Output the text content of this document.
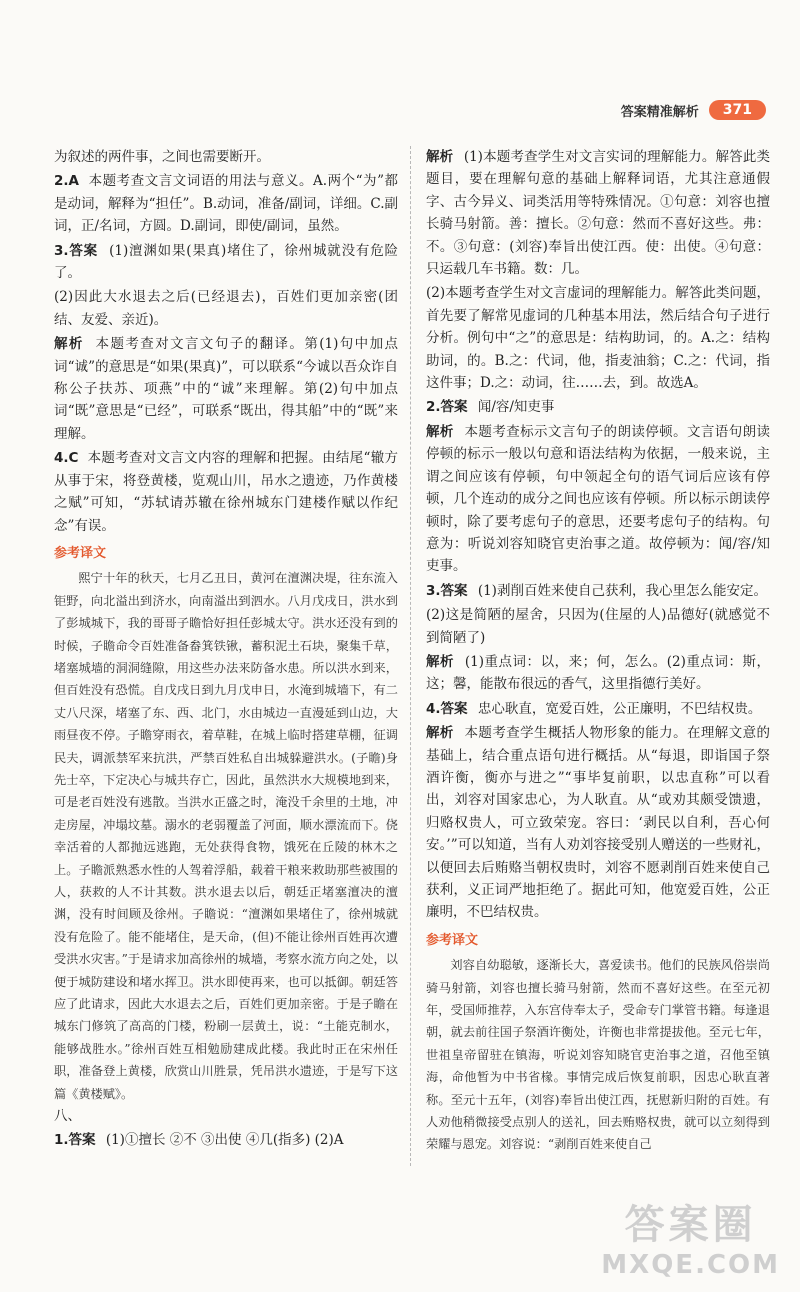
答案精准解析	371

为叙述的两件事，之间也需要断开。

2.A 本题考查文言文词语的用法与意义。A.两个“为”都是动词，解释为“担任”。B.动词，准备/副词，详细。C.副词，正/名词，方圆。D.副词，即使/副词，虽然。

3.答案 (1)澶渊如果(果真)堵住了，徐州城就没有危险了。

(2)因此大水退去之后(已经退去)，百姓们更加亲密(团结、友爱、亲近)。

解析 本题考查对文言文句子的翻译。第(1)句中加点词“诚”的意思是“如果(果真)”，可以联系“今诚以吾众诈自称公子扶苏、项燕”中的“诚”来理解。第(2)句中加点词“既”意思是“已经”，可联系“既出，得其船”中的“既”来理解。

4.C 本题考查对文言文内容的理解和把握。由结尾“辙方从事于宋，将登黄楼，览观山川，吊水之遗迹，乃作黄楼之赋”可知，“苏轼请苏辙在徐州城东门建楼作赋以作纪念”有误。

参考译文

熙宁十年的秋天，七月乙丑日，黄河在澶渊决堤，往东流入钜野，向北溢出到济水，向南溢出到泗水。八月戊戌日，洪水到了彭城城下，我的哥哥子瞻恰好担任彭城太守。洪水还没有到的时候，子瞻命令百姓准备畚箕铁锹，蓄积泥土石块，聚集千草，堵塞城墙的洞洞缝隙，用这些办法来防备水患。所以洪水到来，但百姓没有恐慌。自戊戌日到九月戊申日，水淹到城墙下，有二丈八尺深，堵塞了东、西、北门，水由城边一直漫延到山边，大雨昼夜不停。子瞻穿雨衣，着草鞋，在城上临时搭建草棚，征调民夫，调派禁军来抗洪，严禁百姓私自出城躲避洪水。(子瞻)身先士卒，下定决心与城共存亡，因此，虽然洪水大规模地到来，可是老百姓没有逃散。当洪水正盛之时，淹没千余里的土地，冲走房屋，冲塌坟墓。溺水的老弱覆盖了河面，顺水漂流而下。侥幸活着的人都抛远逃跑，无处获得食物，饿死在丘陵的林木之上。子瞻派熟悉水性的人驾着浮船，载着干粮来救助那些被围的人，获救的人不计其数。洪水退去以后，朝廷正堵塞澶决的澶渊，没有时间顾及徐州。子瞻说：“澶渊如果堵住了，徐州城就没有危险了。能不能堵住，是天命，(但)不能让徐州百姓再次遭受洪水灾害。”于是请求加高徐州的城墙，考察水流方向之处，以便于城防建设和堵水挥卫。洪水即使再来，也可以抵御。朝廷答应了此请求，因此大水退去之后，百姓们更加亲密。于是子瞻在城东门修筑了高高的门楼，粉刷一层黄土，说：“土能克制水，能够战胜水。”徐州百姓互相勉励建成此楼。我此时正在宋州任职，准备登上黄楼，欣赏山川胜景，凭吊洪水遗迹，于是写下这篇《黄楼赋》。

八、

1.答案 (1)①擅长 ②不 ③出使 ④几(指多) (2)A

解析 (1)本题考查学生对文言实词的理解能力。解答此类题目，要在理解句意的基础上解释词语，尤其注意通假字、古今异义、词类活用等特殊情况。①句意：刘容也擅长骑马射箭。善：擅长。②句意：然而不喜好这些。弗：不。③句意：(刘容)奉旨出使江西。使：出使。④句意：只运载几车书籍。数：几。

(2)本题考查学生对文言虚词的理解能力。解答此类问题，首先要了解常见虚词的几种基本用法，然后结合句子进行分析。例句中“之”的意思是：结构助词，的。A.之：结构助词，的。B.之：代词，他，指麦油翁；C.之：代词，指这件事；D.之：动词，往……去，到。故选A。

2.答案 闻/容/知吏事

解析 本题考查标示文言句子的朗读停顿。文言语句朗读停顿的标示一般以句意和语法结构为依据，一般来说，主谓之间应该有停顿，句中领起全句的语气词后应该有停顿，几个连动的成分之间也应该有停顿。所以标示朗读停顿时，除了要考虑句子的意思，还要考虑句子的结构。句意为：听说刘容知晓官吏治事之道。故停顿为：闻/容/知吏事。

3.答案 (1)剥削百姓来使自己获利，我心里怎么能安定。

(2)这是简陋的屋舍，只因为(住屋的人)品德好(就感觉不到简陋了)

解析 (1)重点词：以，来；何，怎么。(2)重点词：斯，这；馨，能散布很远的香气，这里指德行美好。

4.答案 忠心耿直，宽爱百姓，公正廉明，不巴结权贵。

解析 本题考查学生概括人物形象的能力。在理解文意的基础上，结合重点语句进行概括。从“每退，即诣国子祭酒许衡，衡亦与进之”“事毕复前职，以忠直称”可以看出，刘容对国家忠心，为人耿直。从“或劝其颇受馈遗，归赂权贵人，可立致荣宠。容曰：‘剥民以自利，吾心何安。’”可以知道，当有人劝刘容接受别人赠送的一些财礼，以便回去后贿赂当朝权贵时，刘容不愿剥削百姓来使自己获利，义正词严地拒绝了。据此可知，他宽爱百姓，公正廉明，不巴结权贵。

参考译文

刘容自幼聪敏，逐渐长大，喜爱读书。他们的民族风俗崇尚骑马射箭，刘容也擅长骑马射箭，然而不喜好这些。在至元初年，受国师推荐，入东宫侍奉太子，受命专门掌管书籍。每逢退朝，就去前往国子祭酒许衡处，许衡也非常提拔他。至元七年，世祖皇帝留驻在镇海，听说刘容知晓官吏治事之道，召他至镇海，命他暂为中书省椽。事情完成后恢复前职，因忠心耿直著称。至元十五年，(刘容)奉旨出使江西，抚慰新归附的百姓。有人劝他稍微接受点别人的送礼，回去贿赂权贵，就可以立刻得到荣耀与恩宠。刘容说：“剥削百姓来使自己

答案圈
MXQE.COM
